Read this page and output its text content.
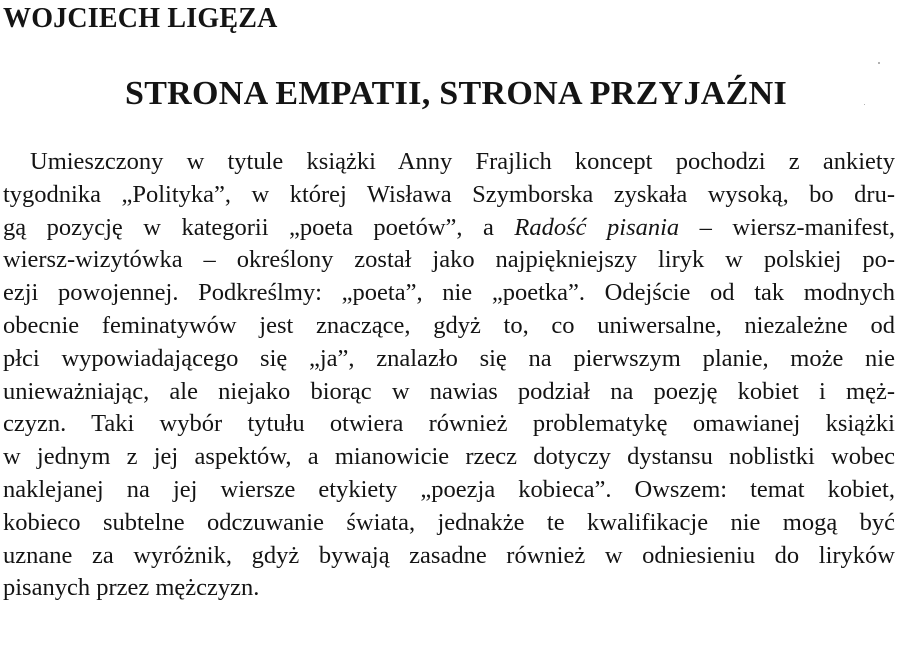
WOJCIECH LIGĘZA
STRONA EMPATII, STRONA PRZYJAŹNI
Umieszczony w tytule książki Anny Frajlich koncept pochodzi z ankiety
tygodnika „Polityka”, w której Wisława Szymborska zyskała wysoką, bo dru-
gą pozycję w kategorii „poeta poetów”, a Radość pisania – wiersz-manifest,
wiersz-wizytówka – określony został jako najpiękniejszy liryk w polskiej po-
ezji powojennej. Podkreślmy: „poeta”, nie „poetka”. Odejście od tak modnych
obecnie feminatywów jest znaczące, gdyż to, co uniwersalne, niezależne od
płci wypowiadającego się „ja”, znalazło się na pierwszym planie, może nie
unieważniając, ale niejako biorąc w nawias podział na poezję kobiet i męż-
czyzn. Taki wybór tytułu otwiera również problematykę omawianej książki
w jednym z jej aspektów, a mianowicie rzecz dotyczy dystansu noblistki wobec
naklejanej na jej wiersze etykiety „poezja kobieca”. Owszem: temat kobiet,
kobieco subtelne odczuwanie świata, jednakże te kwalifikacje nie mogą być
uznane za wyróżnik, gdyż bywają zasadne również w odniesieniu do liryków
pisanych przez mężczyzn.
